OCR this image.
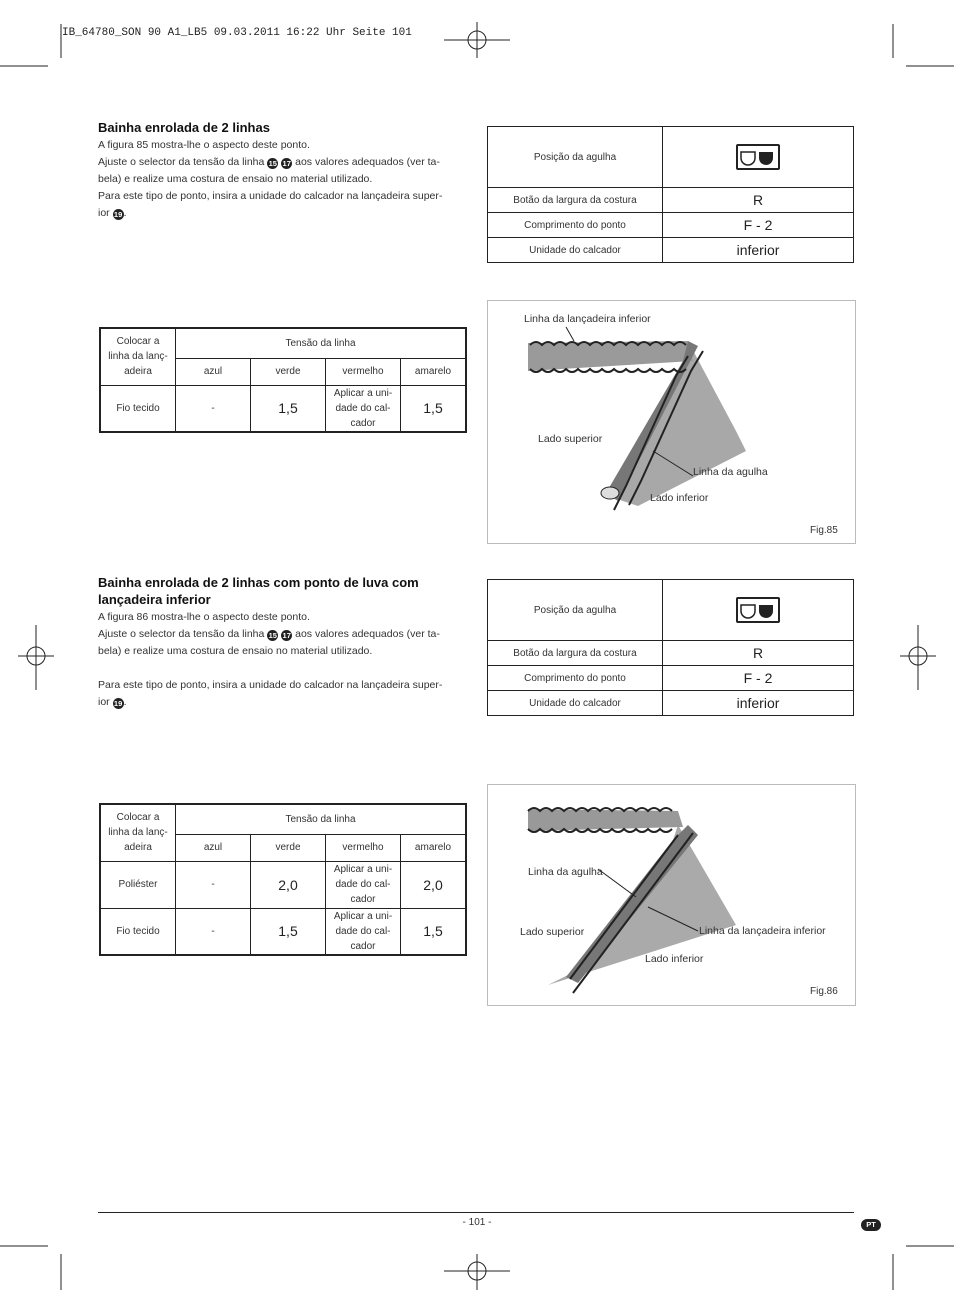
IB_64780_SON 90 A1_LB5 09.03.2011 16:22 Uhr Seite 101
Bainha enrolada de 2 linhas
A figura 85 mostra-lhe o aspecto deste ponto.
Ajuste o selector da tensão da linha 15 17 aos valores adequados (ver ta-
bela) e realize uma costura de ensaio no material utilizado.
Para este tipo de ponto, insira a unidade do calcador na lançadeira super-
ior 19.
Posição da agulha	

Botão da largura da costura	R
Comprimento do ponto	F - 2
Unidade do calcador	inferior
Colocar a
linha da lanç-
adeira	Tensão da linha			
	azul	verde	vermelho	amarelo
Fio tecido	-	1,5	Aplicar a uni-
dade do cal-
cador	1,5
Linha da lançadeira inferior
Lado superior
Linha da agulha
Lado inferior
Fig.85
Bainha enrolada de 2 linhas com ponto de luva com
lançadeira inferior
A figura 86 mostra-lhe o aspecto deste ponto.
Ajuste o selector da tensão da linha 15 17 aos valores adequados (ver ta-
bela) e realize uma costura de ensaio no material utilizado.
Para este tipo de ponto, insira a unidade do calcador na lançadeira super-
ior 19.
Posição da agulha	

Botão da largura da costura	R
Comprimento do ponto	F - 2
Unidade do calcador	inferior
Colocar a
linha da lanç-
adeira	Tensão da linha			
	azul	verde	vermelho	amarelo
Poliéster	-	2,0	Aplicar a uni-
dade do cal-
cador	2,0
Fio tecido	-	1,5	Aplicar a uni-
dade do cal-
cador	1,5
Linha da agulha
Lado superior	Linha da lançadeira inferior
Lado inferior
Fig.86
- 101 -	PT
